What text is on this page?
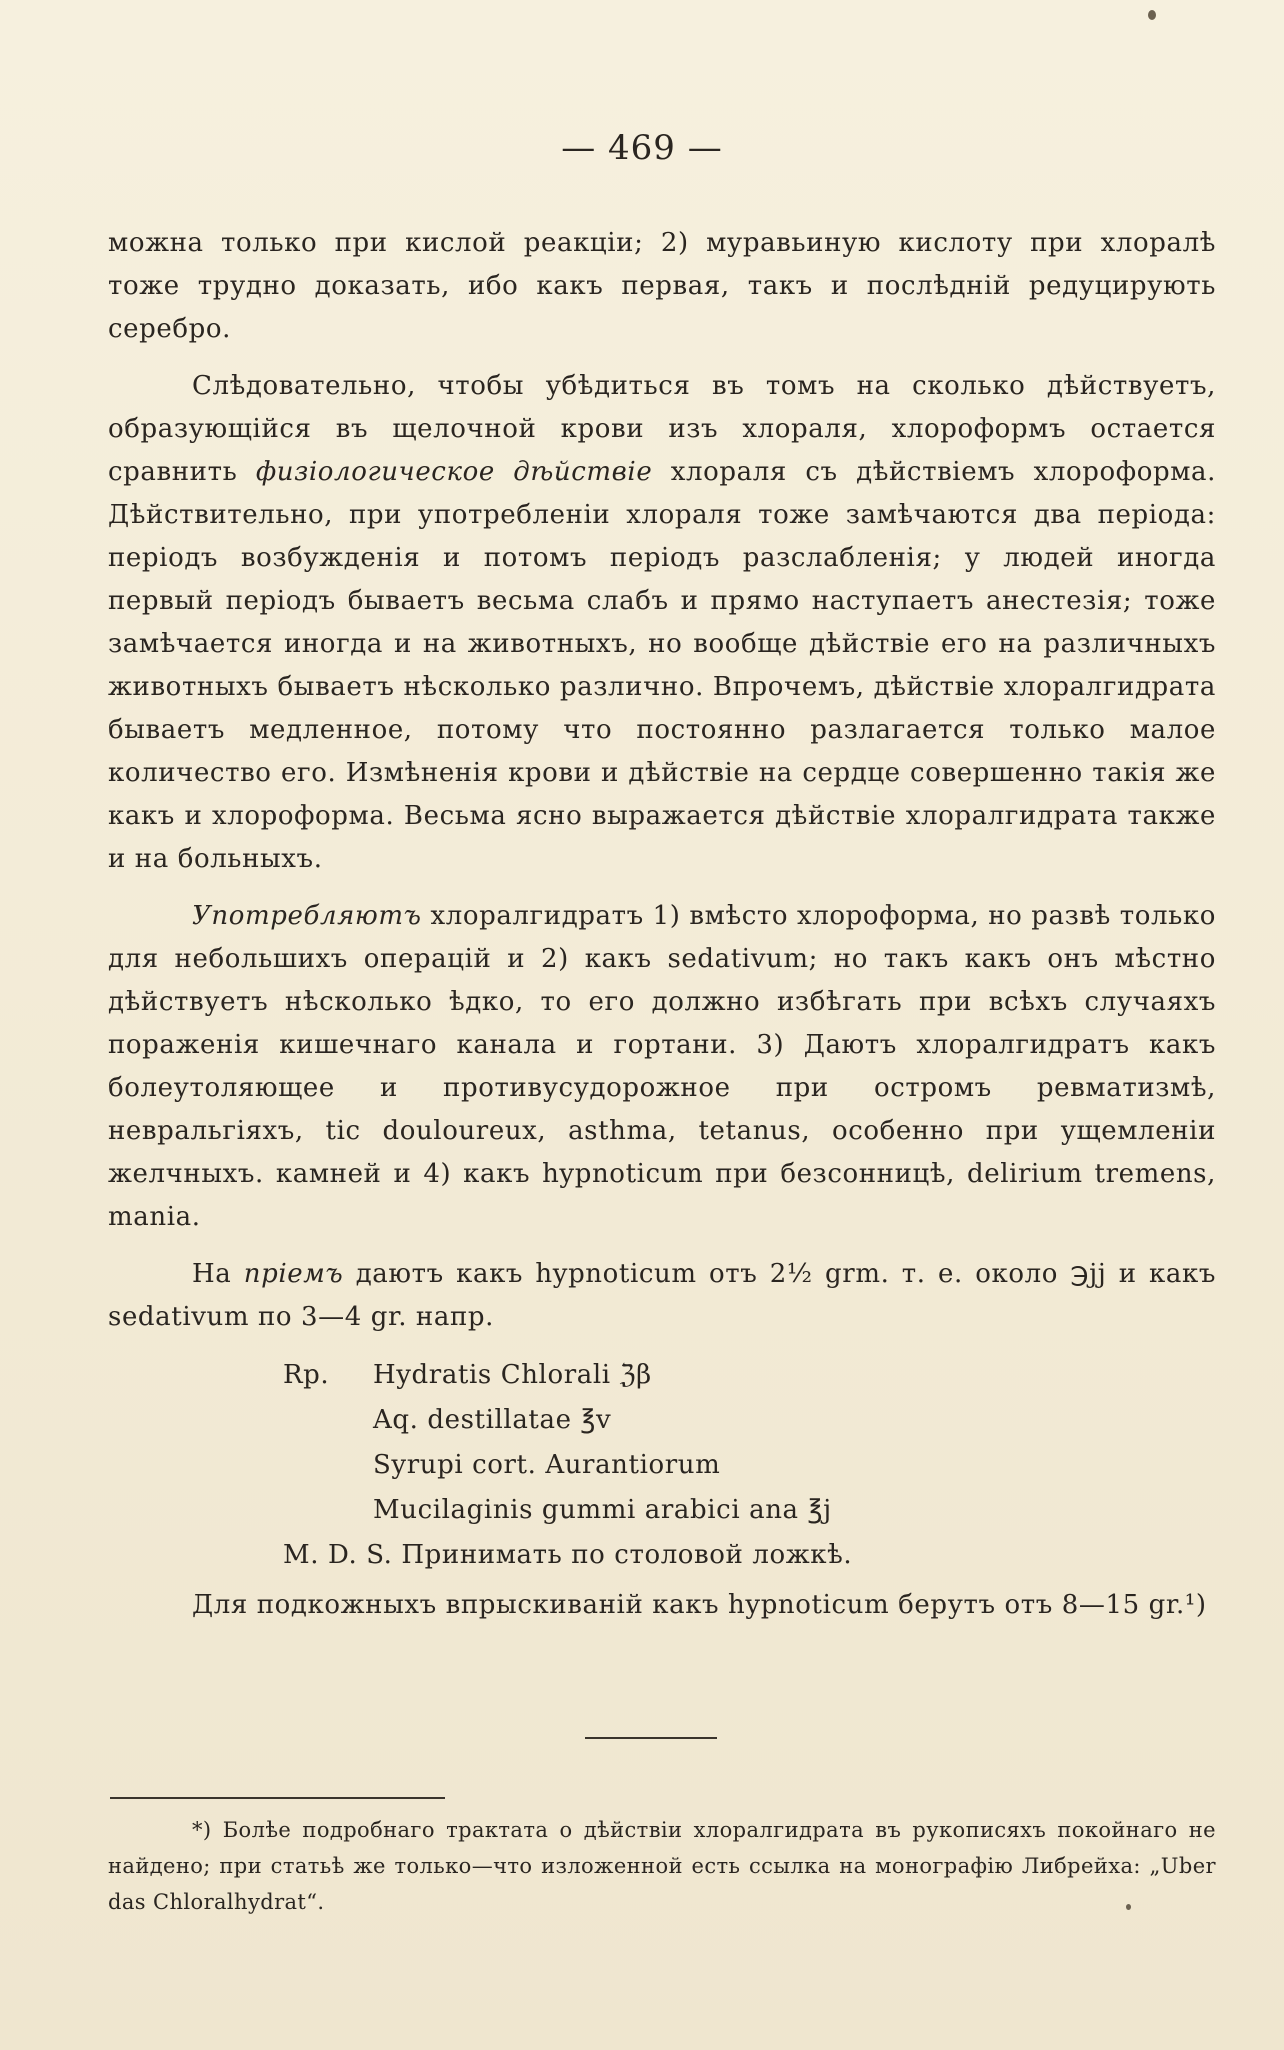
— 469 —

можна только при кислой реакціи; 2) муравьиную кислоту при хлоралѣ тоже трудно доказать, ибо какъ первая, такъ и послѣдній редуцирують серебро.

Слѣдовательно, чтобы убѣдиться въ томъ на сколько дѣйствуетъ, образующійся въ щелочной крови изъ хлораля, хлороформъ остается сравнить физіологическое дѣйствіе хлораля съ дѣйствіемъ хлороформа. Дѣйствительно, при употребленіи хлораля тоже замѣчаются два періода: періодъ возбужденія и потомъ періодъ разслабленія; у людей иногда первый періодъ бываетъ весьма слабъ и прямо наступаетъ анестезія; тоже замѣчается иногда и на животныхъ, но вообще дѣйствіе его на различныхъ животныхъ бываетъ нѣсколько различно. Впрочемъ, дѣйствіе хлоралгидрата бываетъ медленное, потому что постоянно разлагается только малое количество его. Измѣненія крови и дѣйствіе на сердце совершенно такія же какъ и хлороформа. Весьма ясно выражается дѣйствіе хлоралгидрата также и на больныхъ.

Употребляютъ хлоралгидратъ 1) вмѣсто хлороформа, но развѣ только для небольшихъ операцій и 2) какъ sedativum; но такъ какъ онъ мѣстно дѣйствуетъ нѣсколько ѣдко, то его должно избѣгать при всѣхъ случаяхъ пораженія кишечнаго канала и гортани. 3) Даютъ хлоралгидратъ какъ болеутоляющее и противусудорожное при остромъ ревматизмѣ, невральгіяхъ, tic douloureux, asthma, tetanus, особенно при ущемленіи желчныхъ. камней и 4) какъ hypnoticum при безсонницѣ, delirium tremens, mania.

На пріемъ даютъ какъ hypnoticum отъ 2½ grm. т. е. около ℈jj и какъ sedativum по 3—4 gr. напр.

Rp. Hydratis Chlorali ℨβ
Aq. destillatae ℥v
Syrupi cort. Aurantiorum
Mucilaginis gummi arabici ana ℥j
M. D. S. Принимать по столовой ложкѣ.

Для подкожныхъ впрыскиваній какъ hypnoticum берутъ отъ 8—15 gr.¹)

*) Болѣе подробнаго трактата о дѣйствіи хлоралгидрата въ рукописяхъ покойнаго не найдено; при статьѣ же только—что изложенной есть ссылка на монографію Либрейха: „Uber das Chloralhydrat“.
